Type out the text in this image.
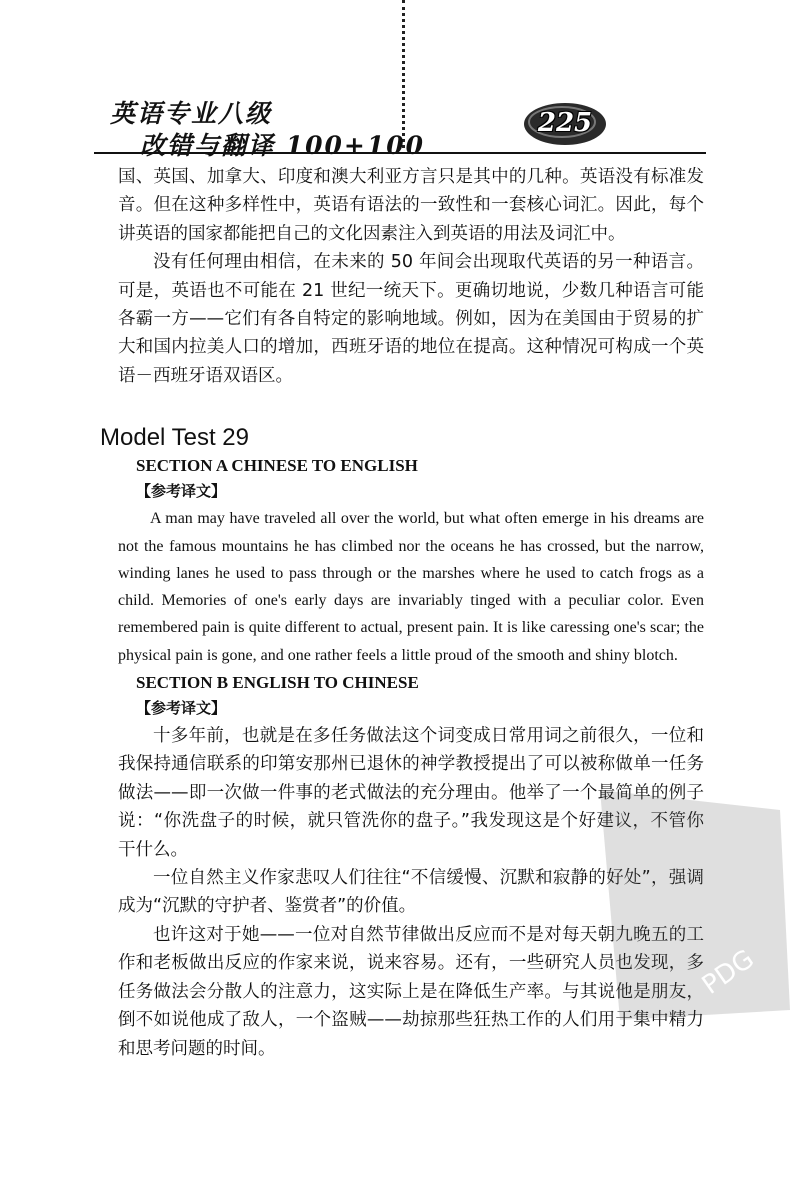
英语专业八级
改错与翻译 100+100
225

国、英国、加拿大、印度和澳大利亚方言只是其中的几种。英语没有标准发音。但在这种多样性中，英语有语法的一致性和一套核心词汇。因此，每个讲英语的国家都能把自己的文化因素注入到英语的用法及词汇中。

没有任何理由相信，在未来的 50 年间会出现取代英语的另一种语言。可是，英语也不可能在 21 世纪一统天下。更确切地说，少数几种语言可能各霸一方——它们有各自特定的影响地域。例如，因为在美国由于贸易的扩大和国内拉美人口的增加，西班牙语的地位在提高。这种情况可构成一个英语－西班牙语双语区。

Model Test 29
SECTION A CHINESE TO ENGLISH
【参考译文】

A man may have traveled all over the world, but what often emerge in his dreams are not the famous mountains he has climbed nor the oceans he has crossed, but the narrow, winding lanes he used to pass through or the marshes where he used to catch frogs as a child. Memories of one's early days are invariably tinged with a peculiar color. Even remembered pain is quite different to actual, present pain. It is like caressing one's scar; the physical pain is gone, and one rather feels a little proud of the smooth and shiny blotch.

SECTION B ENGLISH TO CHINESE
【参考译文】

十多年前，也就是在多任务做法这个词变成日常用词之前很久，一位和我保持通信联系的印第安那州已退休的神学教授提出了可以被称做单一任务做法——即一次做一件事的老式做法的充分理由。他举了一个最简单的例子说：“你洗盘子的时候，就只管洗你的盘子。”我发现这是个好建议，不管你干什么。

一位自然主义作家悲叹人们往往“不信缓慢、沉默和寂静的好处”，强调成为“沉默的守护者、鉴赏者”的价值。

也许这对于她——一位对自然节律做出反应而不是对每天朝九晚五的工作和老板做出反应的作家来说，说来容易。还有，一些研究人员也发现，多任务做法会分散人的注意力，这实际上是在降低生产率。与其说他是朋友，倒不如说他成了敌人，一个盗贼——劫掠那些狂热工作的人们用于集中精力和思考问题的时间。

PDG
